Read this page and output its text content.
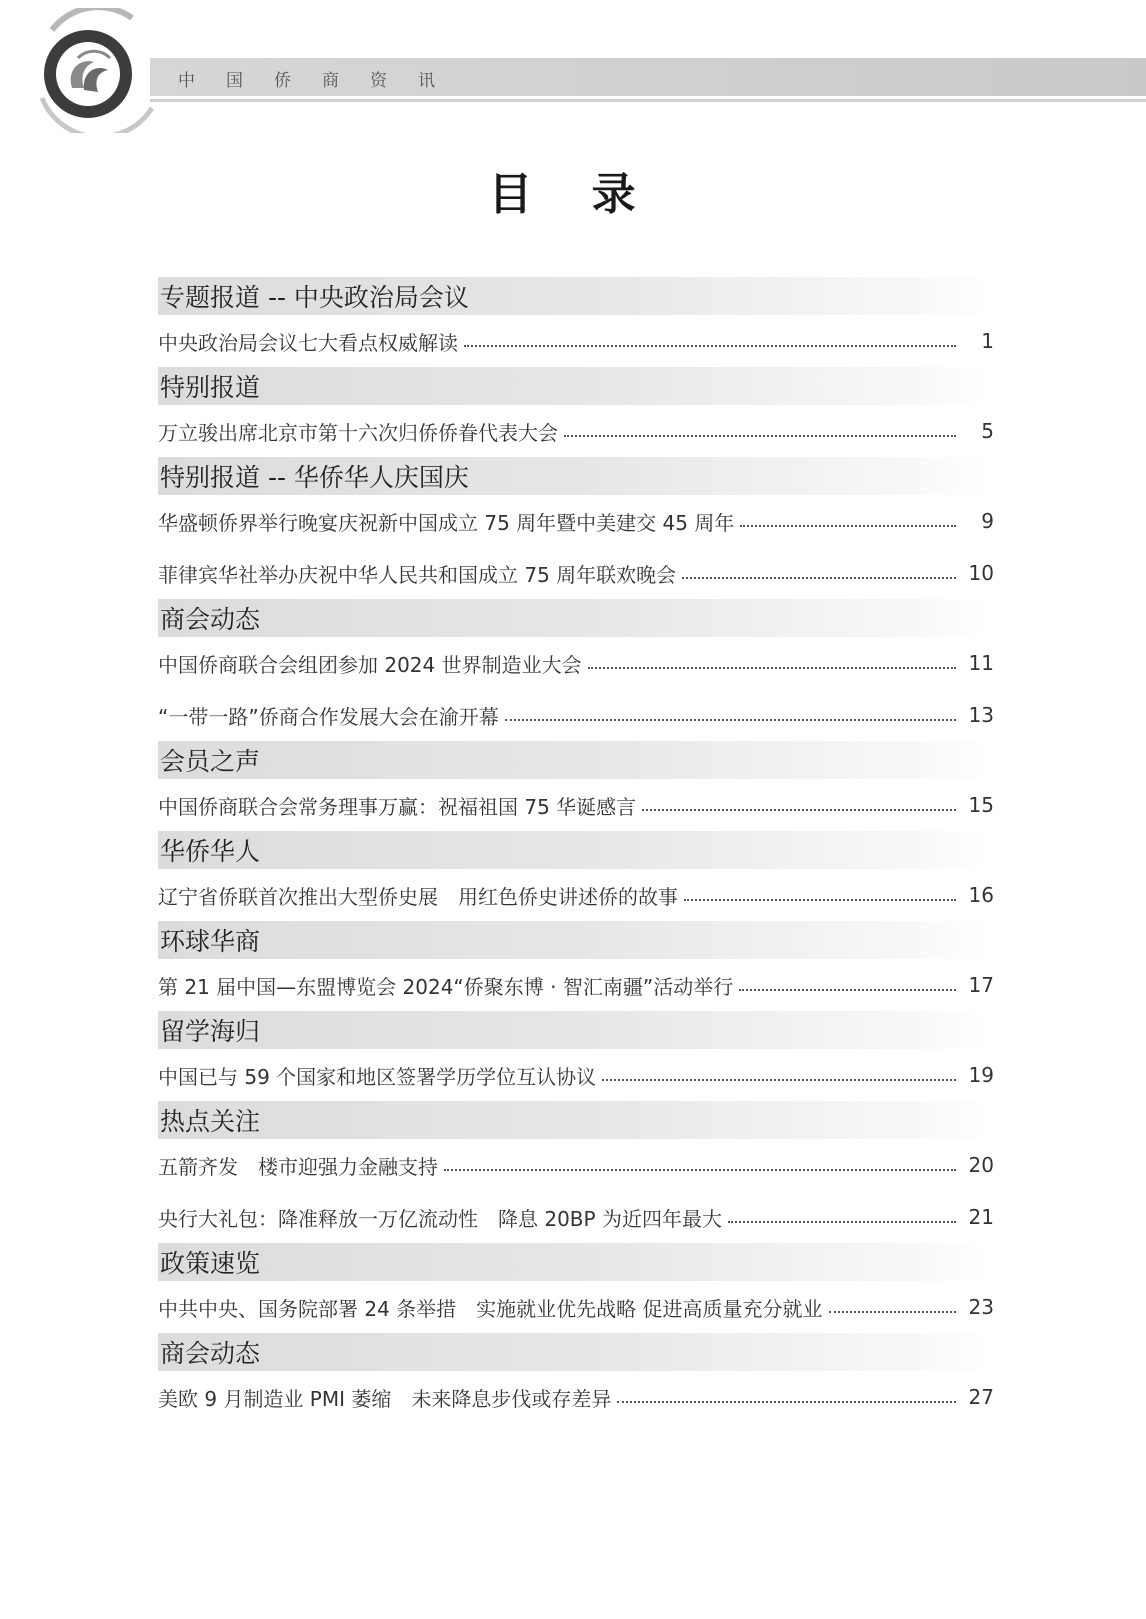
中国侨商资讯
目 录
专题报道 -- 中央政治局会议
中央政治局会议七大看点权威解读	1
特别报道
万立骏出席北京市第十六次归侨侨眷代表大会	5
特别报道 -- 华侨华人庆国庆
华盛顿侨界举行晚宴庆祝新中国成立 75 周年暨中美建交 45 周年	9
菲律宾华社举办庆祝中华人民共和国成立 75 周年联欢晚会	10
商会动态
中国侨商联合会组团参加 2024 世界制造业大会	11
“一带一路”侨商合作发展大会在渝开幕	13
会员之声
中国侨商联合会常务理事万赢：祝福祖国 75 华诞感言	15
华侨华人
辽宁省侨联首次推出大型侨史展　用红色侨史讲述侨的故事	16
环球华商
第 21 届中国—东盟博览会 2024“侨聚东博 · 智汇南疆”活动举行	17
留学海归
中国已与 59 个国家和地区签署学历学位互认协议	19
热点关注
五箭齐发　楼市迎强力金融支持	20
央行大礼包：降准释放一万亿流动性　降息 20BP 为近四年最大	21
政策速览
中共中央、国务院部署 24 条举措　实施就业优先战略 促进高质量充分就业	23
商会动态
美欧 9 月制造业 PMI 萎缩　未来降息步伐或存差异	27
